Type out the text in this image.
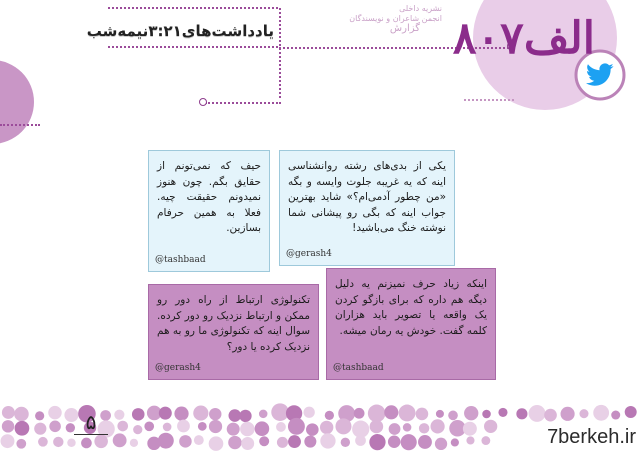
یادداشت‌های۳:۲۱نیمه‌شب
نشریه داخلی
انجمن شاعران و نویسندگان
گزارش الف۸۰۷
یکی از بدی‌های رشته روانشناسی اینه که یه غریبه جلوت وایسه و بگه «من چطور آدمی‌ام؟» شاید بهترین جواب اینه که بگی رو پیشانی شما نوشته خنگ می‌باشید!
@gerash4
حیف که نمی‌تونم از حقایق بگم. چون هنوز نمیدونم حقیقت چیه. فعلا به همین حرفام بسازین.
@tashbaad
اینکه زیاد حرف نمیزنم یه دلیل دیگه هم داره که برای بازگو کردن یک واقعه یا تصویر باید هزاران کلمه گفت. خودش یه رمان میشه.
@tashbaad
تکنولوژی ارتباط از راه دور رو ممکن و ارتباط نزدیک رو دور کرده. سوال اینه که تکنولوژی ما رو به هم نزدیک کرده یا دور؟
@gerash4
۵
7berkeh.ir
